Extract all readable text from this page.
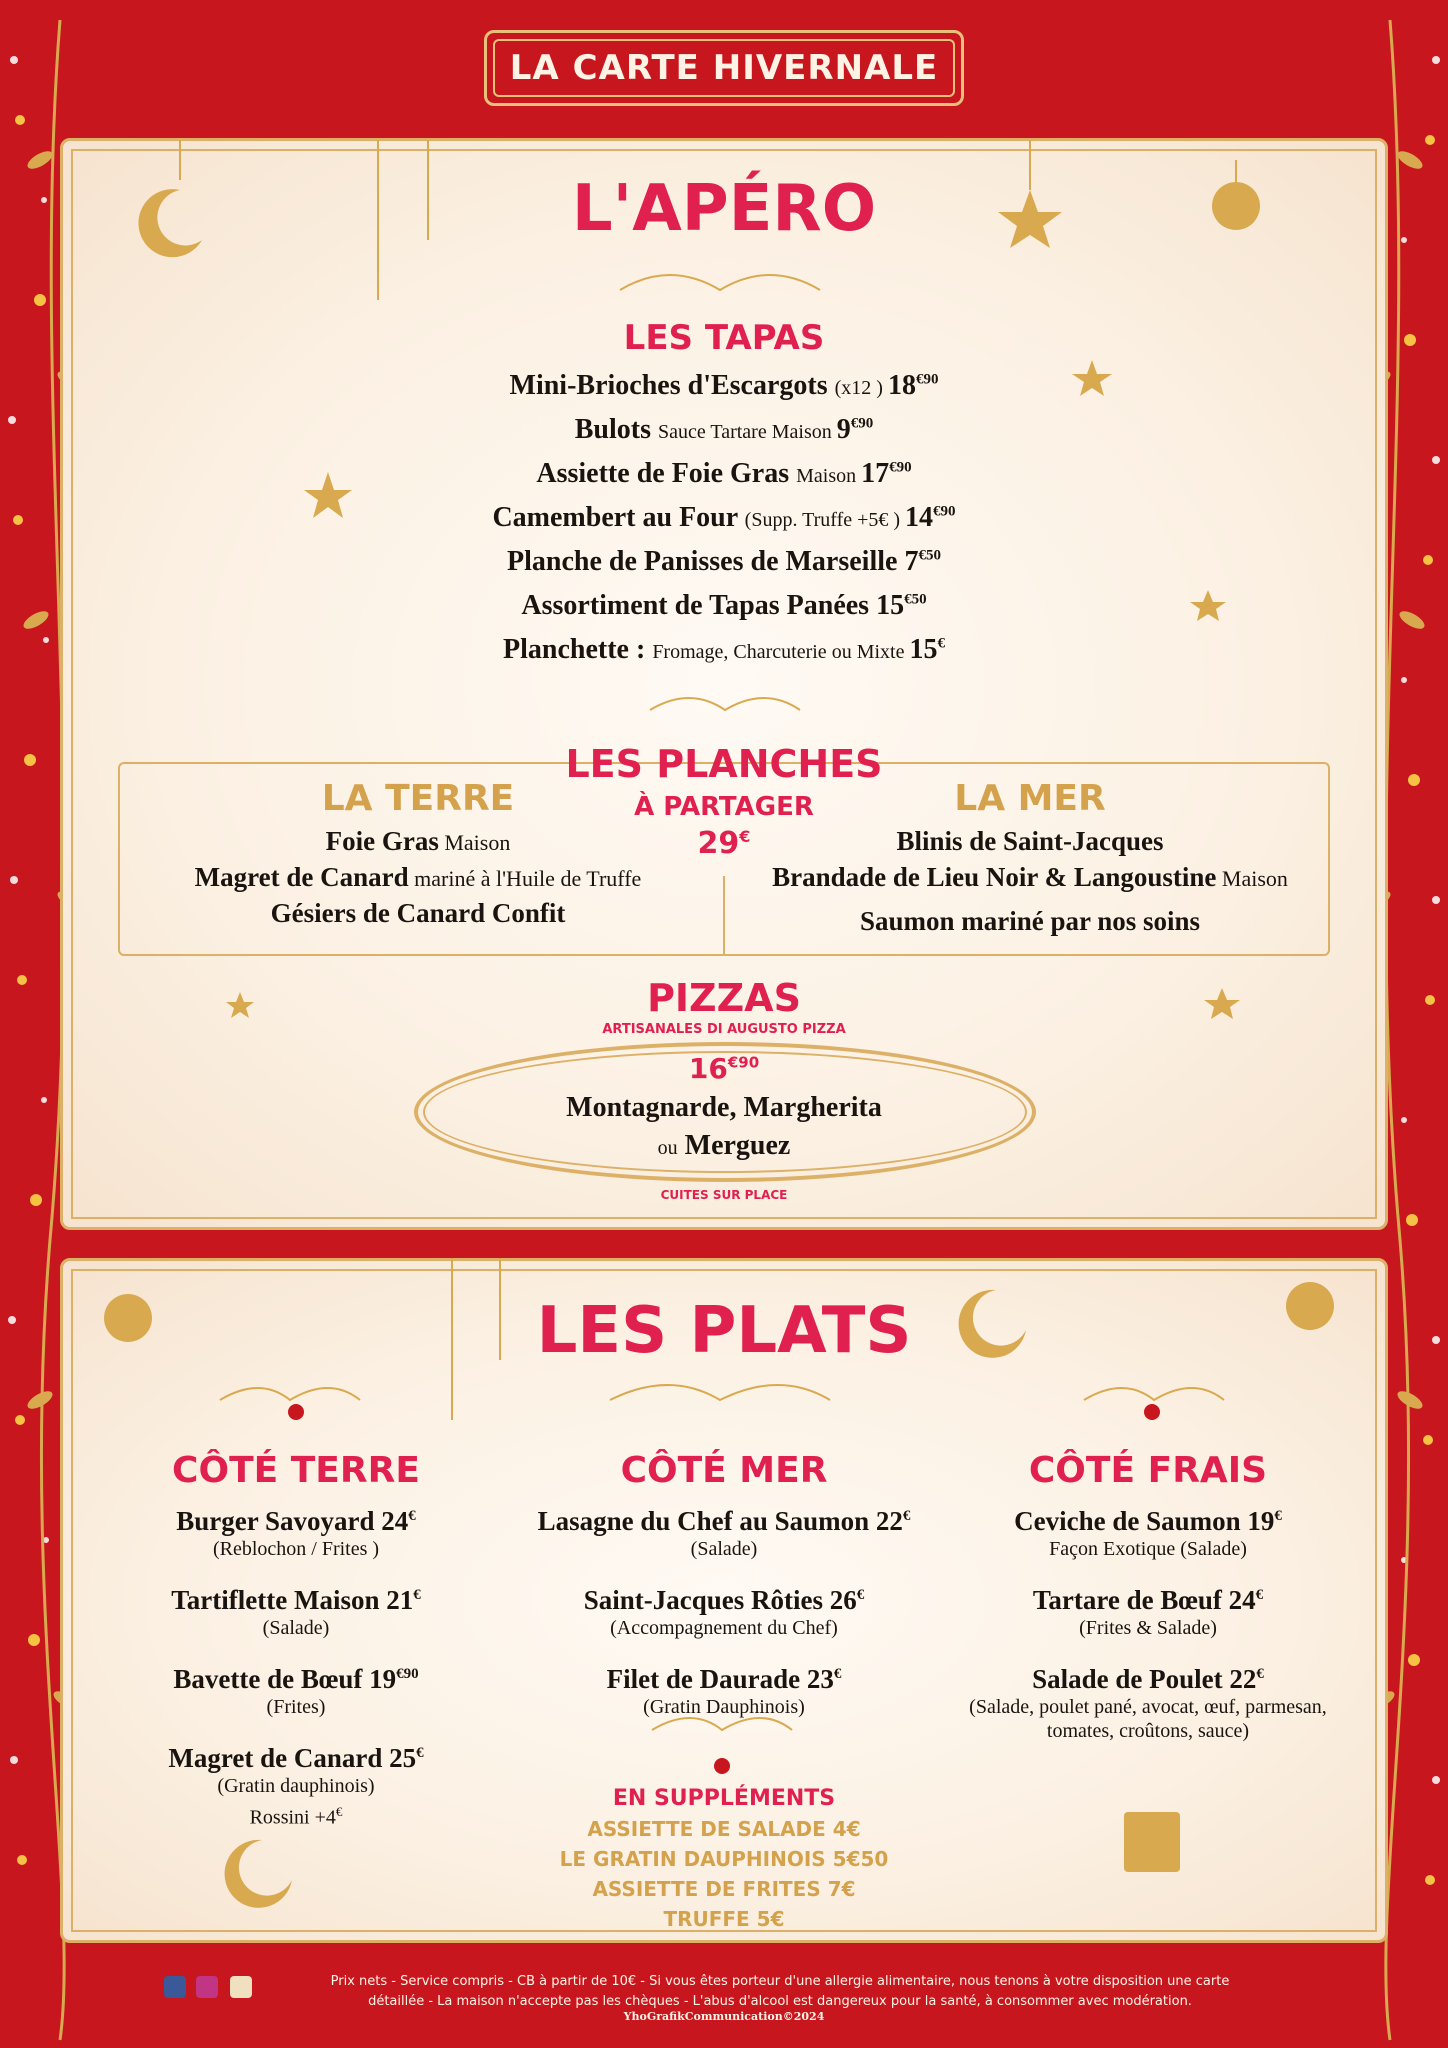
LA CARTE HIVERNALE
L'APÉRO
LES TAPAS
Mini-Brioches d'Escargots (x12 ) $18^{€90}$
Bulots Sauce Tartare Maison $9^{€90}$
Assiette de Foie Gras Maison $17^{€90}$
Camembert au Four (Supp. Truffe +5€ ) $14^{€90}$
Planche de Panisses de Marseille $7^{€50}$
Assortiment de Tapas Panées $15^{€50}$
Planchette : Fromage, Charcuterie ou Mixte 15€
LES PLANCHES
À PARTAGER
29€
LA TERRE
Foie Gras Maison
Magret de Canard mariné à l'Huile de Truffe
Gésiers de Canard Confit
LA MER
Blinis de Saint-Jacques
Brandade de Lieu Noir & Langoustine Maison
Saumon mariné par nos soins
PIZZAS
ARTISANALES DI AUGUSTO PIZZA
$16^{€90}$
Montagnarde, Margherita
ou Merguez
CUITES SUR PLACE
LES PLATS
CÔTÉ TERRE	CÔTÉ MER	CÔTÉ FRAIS
Burger Savoyard 24€
(Reblochon / Frites )
Tartiflette Maison 21€
(Salade)
Bavette de Bœuf $19^{€90}$
(Frites)
Magret de Canard 25€
(Gratin dauphinois)
Rossini +4€
Lasagne du Chef au Saumon 22€
(Salade)
Saint-Jacques Rôties 26€
(Accompagnement du Chef)
Filet de Daurade 23€
(Gratin Dauphinois)
Ceviche de Saumon 19€
Façon Exotique (Salade)
Tartare de Bœuf 24€
(Frites & Salade)
Salade de Poulet 22€
(Salade, poulet pané, avocat, œuf, parmesan, tomates, croûtons, sauce)
EN SUPPLÉMENTS
ASSIETTE DE SALADE 4€
LE GRATIN DAUPHINOIS 5€50
ASSIETTE DE FRITES 7€
TRUFFE 5€
Prix nets - Service compris - CB à partir de 10€ - Si vous êtes porteur d'une allergie alimentaire, nous tenons à votre disposition une carte
détaillée - La maison n'accepte pas les chèques - L'abus d'alcool est dangereux pour la santé, à consommer avec modération.
YhoGrafikCommunication©2024
